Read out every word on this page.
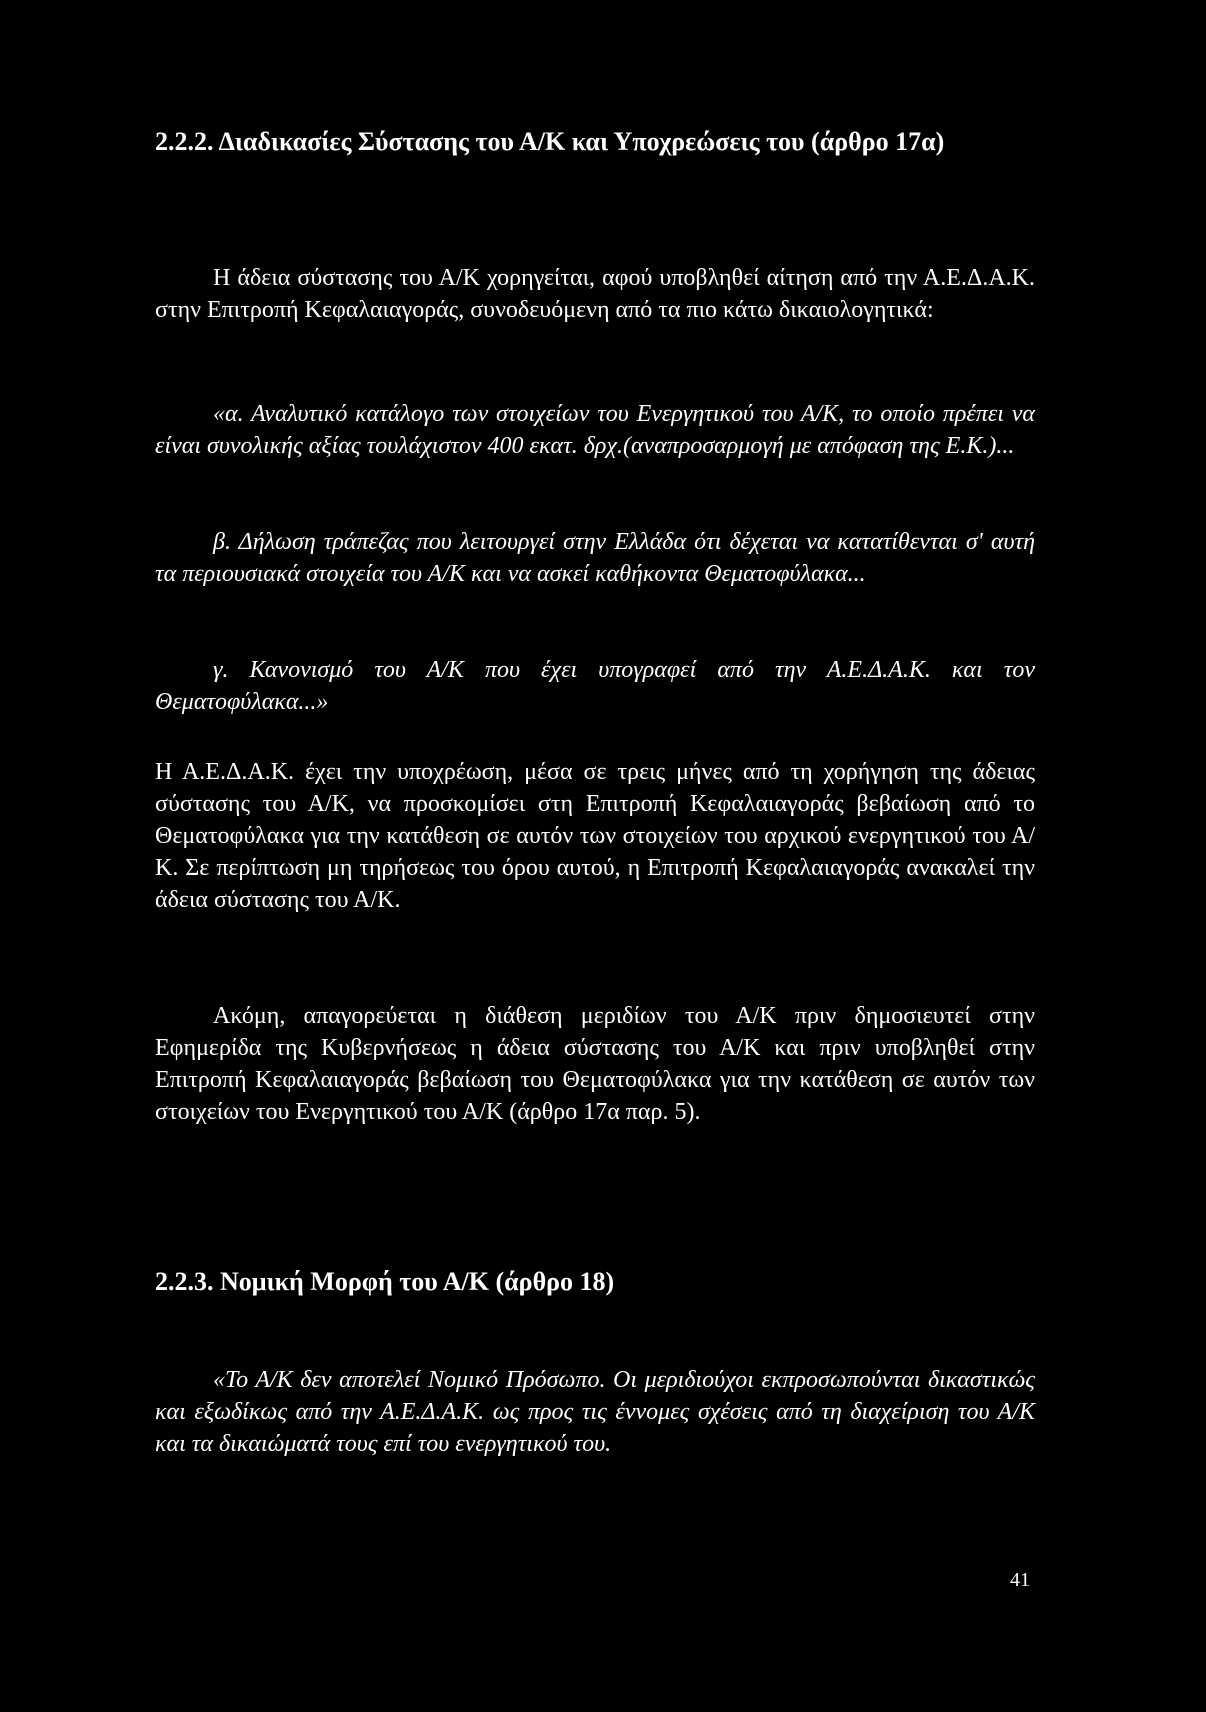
2.2.2. Διαδικασίες Σύστασης του Α/Κ και Υποχρεώσεις του (άρθρο 17α)

Η άδεια σύστασης του Α/Κ χορηγείται, αφού υποβληθεί αίτηση από την Α.Ε.Δ.Α.Κ. στην Επιτροπή Κεφαλαιαγοράς, συνοδευόμενη από τα πιο κάτω δικαιολογητικά:

«α. Αναλυτικό κατάλογο των στοιχείων του Ενεργητικού του Α/Κ, το οποίο πρέπει να είναι συνολικής αξίας τουλάχιστον 400 εκατ. δρχ.(αναπροσαρμογή με απόφαση της Ε.Κ.)...

β. Δήλωση τράπεζας που λειτουργεί στην Ελλάδα ότι δέχεται να κατατίθενται σ' αυτή τα περιουσιακά στοιχεία του Α/Κ και να ασκεί καθήκοντα Θεματοφύλακα...

γ. Κανονισμό του Α/Κ που έχει υπογραφεί από την Α.Ε.Δ.Α.Κ. και τον Θεματοφύλακα...»

Η Α.Ε.Δ.Α.Κ. έχει την υποχρέωση, μέσα σε τρεις μήνες από τη χορήγηση της άδειας σύστασης του Α/Κ, να προσκομίσει στη Επιτροπή Κεφαλαιαγοράς βεβαίωση από το Θεματοφύλακα για την κατάθεση σε αυτόν των στοιχείων του αρχικού ενεργητικού του Α/Κ. Σε περίπτωση μη τηρήσεως του όρου αυτού, η Επιτροπή Κεφαλαιαγοράς ανακαλεί την άδεια σύστασης του Α/Κ.

Ακόμη, απαγορεύεται η διάθεση μεριδίων του Α/Κ πριν δημοσιευτεί στην Εφημερίδα της Κυβερνήσεως η άδεια σύστασης του Α/Κ και πριν υποβληθεί στην Επιτροπή Κεφαλαιαγοράς βεβαίωση του Θεματοφύλακα για την κατάθεση σε αυτόν των στοιχείων του Ενεργητικού του Α/Κ (άρθρο 17α παρ. 5).

2.2.3. Νομική Μορφή του Α/Κ (άρθρο 18)

«Το Α/Κ δεν αποτελεί Νομικό Πρόσωπο. Οι μεριδιούχοι εκπροσωπούνται δικαστικώς και εξωδίκως από την Α.Ε.Δ.Α.Κ. ως προς τις έννομες σχέσεις από τη διαχείριση του Α/Κ και τα δικαιώματά τους επί του ενεργητικού του.

41
